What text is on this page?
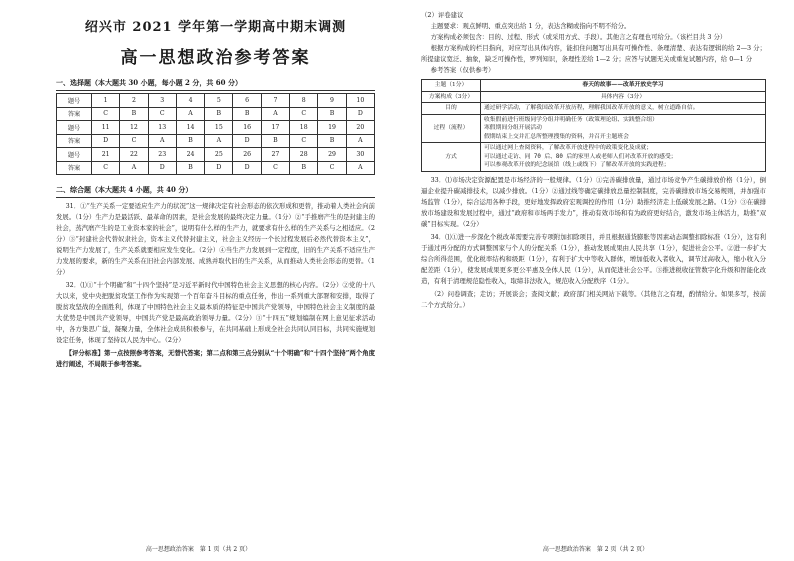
绍兴市 2021 学年第一学期高中期末调测
高一思想政治参考答案
一、选择题（本大题共 30 小题，每小题 2 分，共 60 分）
题号	1	2	3	4	5	6	7	8	9	10
答案	C	B	C	A	B	B	A	C	B	D
题号	11	12	13	14	15	16	17	18	19	20
答案	D	C	A	B	A	D	B	C	B	A
题号	21	22	23	24	25	26	27	28	29	30
答案	C	A	D	B	D	D	C	B	C	A
二、综合题（本大题共 4 小题，共 40 分）

31．①“生产关系一定要适应生产力的状况”这一规律决定有社会形态的依次形成和更替，推动着人类社会向前发展。（1分）生产力是最活跃、最革命的因素，是社会发展的最终决定力量。（1分）②“手推磨产生的是封建主的社会，蒸汽磨产生的是工业资本家的社会”，说明有什么样的生产力，就要求有什么样的生产关系与之相适应。（2分）③“封建社会代替奴隶社会，资本主义代替封建主义，社会主义经历一个长过程发展后必然代替资本主义”，说明生产力发展了，生产关系就要相应发生变化。（2分）④当生产力发展到一定程度，旧的生产关系不适应生产力发展的要求，新的生产关系在旧社会内部发展、成熟并取代旧的生产关系，从而推动人类社会形态的更替。（1分）

32．⑴①“十个明确”和“十四个坚持”是习近平新时代中国特色社会主义思想的核心内容。（2分）②党的十八大以来，党中央把脱贫攻坚工作作为实现第一个百年奋斗目标的重点任务，作出一系列重大部署和安排，取得了脱贫攻坚战的全面胜利，体现了中国特色社会主义最本质的特征是中国共产党领导，中国特色社会主义制度的最大优势是中国共产党领导，中国共产党是最高政治领导力量。（2分）③“十四五”规划编制在网上意见征求活动中，各方集思广益，凝聚力量，全体社会成员积极参与，在共同基础上形成全社会共同认同目标，共同实施规划设定任务，体现了坚持以人民为中心。（2分）

【评分标准】第一点按照参考答案，无替代答案；第二点和第三点分别从“十个明确”和“十四个坚持”两个角度进行阐述，不局限于参考答案。

高一思想政治答案　第 1 页（共 2 页）

（2）评卷建议

主题要求：观点鲜明、重点突出给 1 分，表达含糊或指向不明不给分。

方案构成必须包含：目的、过程、形式（或采用方式、手段）。其他言之有理也可给分。（该栏目共 3 分）

根据方案构成的栏目指向，对应写出具体内容，能扣住问题写出具有可操作性、条理清楚、表达有逻辑的给 2—3 分；所提建议宽泛、抽象，缺乏可操作性，罗列知识，条理性差给 1—2 分；应答与试题无关或重复试题内容，给 0—1 分

参考答案（仅供参考）

主题（1分）	春天的故事——改革开放史学习
方案构成（3分）	具体内容（3分）
目的	通过研学活动，了解我国改革开放历程，理解我国改革开放的意义，树立道路自信。
过程（流程）	收集假前进行班级同学分组并明确任务（政策理论组、实践整合组）
寒假期间分组开展活动
假期结束上交并汇总所整理搜集的资料，并召开主题班会
方式	可以通过网上查阅资料，了解改革开放进程中的政策变化及成就；
可以通过走访、同 70 后、80 后的家里人或老师人们对改革开放的感受；
可以参观改革开放的纪念展馆（线上或线下）了解改革开放的实践进程；

33．⑴市场决定资源配置是市场经济的一般规律。（1分）①完善碳排放量，通过市场竞争产生碳排放价格（1分），倒逼企业提升碳减排技术，以减少排放。（1分）②通过线等确定碳排放总量控制制度，完善碳排放市场交易规则，并加强市场监管（1分），综合运用各种手段，更好地发挥政府宏观调控的作用（1分）助推经济走上低碳发展之路。（1分）③在碳排放市场建设和发展过程中，通过“政府和市场两手发力”，推动有效市场和有为政府更好结合，激发市场主体活力，助推“双碳”目标实现。（2分）

34．⑴①进一步深化个税改革需要完善专项附加扣除项目，并且根据通货膨胀等因素动态调整扣除标准（1分），这有利于通过再分配的方式调整国家与个人的分配关系（1分），推动发展成果由人民共享（1分），促进社会公平。②进一步扩大综合所得范围，优化税率结构和级距（1分），有利于扩大中等收入群体，增加低收入者收入，调节过高收入，缩小收入分配差距（1分），使发展成果更多更公平惠及全体人民（1分），从而促进社会公平。③推进税收征管数字化升级和智能化改造，有利于清理规范隐性收入，取缔非法收入，规范收入分配秩序（1分）。

（2）问卷调查；走访；开展谈会；查阅文献；政府部门相关网站下载等。（其他言之有理，酌情给分。如果多写，按前二个方式给分。）

高一思想政治答案　第 2 页（共 2 页）
